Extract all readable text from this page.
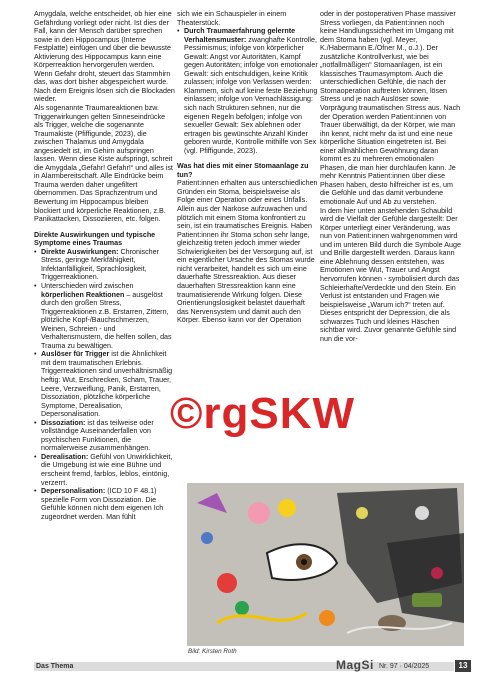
Amygdala, welche entscheidet, ob hier eine Gefährdung vorliegt oder nicht. Ist dies der Fall, kann der Mensch darüber sprechen sowie in den Hippocampus (Interne Festplatte) einfügen und über die bewusste Aktivierung des Hippocampus kann eine Körperreaktion hervorgerufen werden. Wenn Gefahr droht, steuert das Stammhirn das, was dort bisher abgespeichert wurde. Nach dem Ereignis lösen sich die Blockaden wieder.

Als sogenannte Traumareaktionen bzw. Triggerwirkungen gelten Sinneseindrücke als Trigger, welche die sogenannte Traumakiste (Pfiffigunde, 2023), die zwischen Thalamus und Amygdala angesiedelt ist, im Gehirn aufspringen lassen. Wenn diese Kiste aufspringt, schreit die Amygdala „Gefahr! Gefahr!“ und alles ist in Alarmbereitschaft. Alle Eindrücke beim Trauma werden daher ungefiltert übernommen. Das Sprachzentrum und Bewertung im Hippocampus bleiben blockiert und körperliche Reaktionen, z.B. Panikattacken, Dissoziieren, etc. folgen.

Direkte Auswirkungen und typische Symptome eines Traumas

• Direkte Auswirkungen: Chronischer Stress, geringe Merkfähigkeit, Infektanfälligkeit, Sprachlosigkeit, Triggerreaktionen.
• Unterschieden wird zwischen körperlichen Reaktionen – ausgelöst durch den großen Stress, Triggerreaktionen z.B. Erstarren, Zittern, plötzliche Kopf-/Bauchschmerzen, Weinen, Schreien - und Verhaltensmustern, die helfen sollen, das Trauma zu bewältigen.
• Auslöser für Trigger ist die Ähnlichkeit mit dem traumatischen Erlebnis. Triggerreaktionen sind unverhältnismäßig heftig: Wut, Erschrecken, Scham, Trauer, Leere, Verzweiflung, Panik, Erstarren, Dissoziation, plötzliche körperliche Symptome, Derealisation, Depersonalisation.
• Dissoziation: ist das teilweise oder vollständige Auseinanderfallen von psychischen Funktionen, die normalerweise zusammenhängen.
• Derealisation: Gefühl von Unwirklichkeit, die Umgebung ist wie eine Bühne und erscheint fremd, farblos, leblos, eintönig, verzerrt.
• Depersonalisation: (ICD 10 F 48.1) spezielle Form von Dissoziation. Die Gefühle können nicht dem eigenen Ich zugeordnet werden. Man fühlt

sich wie ein Schauspieler in einem Theaterstück.

• Durch Traumaerfahrung gelernte Verhaltensmuster: zwanghafte Kontrolle, Pessimismus; infolge von körperlicher Gewalt: Angst vor Autoritäten, Kampf gegen Autoritäten; infolge von emotionaler Gewalt: sich entschuldigen, keine Kritik zulassen; infolge von Verlassen werden: Klammern, sich auf keine feste Beziehung einlassen; infolge von Vernachlässigung: sich nach Strukturen sehnen, nur die eigenen Regeln befolgen; infolge von sexueller Gewalt: Sex ablehnen oder ertragen bis gewünschte Anzahl Kinder geboren wurde, Kontrolle mithilfe von Sex (vgl. Pfiffigunde, 2023).

Was hat dies mit einer Stomaanlage zu tun?

Patient:innen erhalten aus unterschiedlichen Gründen ein Stoma, beispielsweise als Folge einer Operation oder eines Unfalls. Allein aus der Narkose aufzuwachen und plötzlich mit einem Stoma konfrontiert zu sein, ist ein traumatisches Ereignis. Haben Patient:innen ihr Stoma schon sehr lange, gleichzeitig treten jedoch immer wieder Schwierigkeiten bei der Versorgung auf, ist ein eigentlicher Ursache des Stomas wurde nicht verarbeitet, handelt es sich um eine dauerhafte Stressreaktion. Aus dieser dauerhaften Stressreaktion kann eine traumatisierende Wirkung folgen. Diese Orientierungslosigkeit belastet dauerhaft das Nervensystem und damit auch den Körper. Ebenso kann vor der Operation

oder in der postoperativen Phase massiver Stress vorliegen, da Patient:innen noch keine Handlungssicherheit im Umgang mit dem Stoma haben (vgl. Meyer, K./Habermann E./Ofner M., o.J.). Der zusätzliche Kontrollverlust, wie bei „notfallmäßigen“ Stomaanlagen, ist ein klassisches Traumasymptom. Auch die unterschiedlichen Gefühle, die nach der Stomaoperation auftreten können, lösen Stress und je nach Auslöser sowie Vorprägung traumatischen Stress aus. Nach der Operation werden Patient:innen von Trauer überwältigt, da der Körper, wie man ihn kennt, nicht mehr da ist und eine neue körperliche Situation eingetreten ist. Bei einer allmählichen Gewöhnung daran kommt es zu mehreren emotionalen Phasen, die man hier durchlaufen kann. Je mehr Kenntnis Patient:innen über diese Phasen haben, desto hilfreicher ist es, um die Gefühle und das damit verbundene emotionale Auf und Ab zu verstehen.

In dem hier unten anstehenden Schaubild wird die Vielfalt der Gefühle dargestellt: Der Körper unterliegt einer Veränderung, was nun von Patient:innen wahrgenommen wird und im unteren Bild durch die Symbole Auge und Brille dargestellt werden. Daraus kann eine Ablehnung dessen entstehen, was Emotionen wie Wut, Trauer und Angst hervorrufen können - symbolisiert durch das Schleierhafte/Verdeckte und den Stein. Ein Verlust ist entstanden und Fragen wie beispielsweise „Warum ich?“ treten auf. Dieses entspricht der Depression, die als schwarzes Tuch und kleines Häschen sichtbar wird. Zuvor genannte Gefühle sind nun die vor-

Bild: Kirsten Roth
©rgSKW
Das Thema	MagSi Nr. 97 · 04/2025	13
